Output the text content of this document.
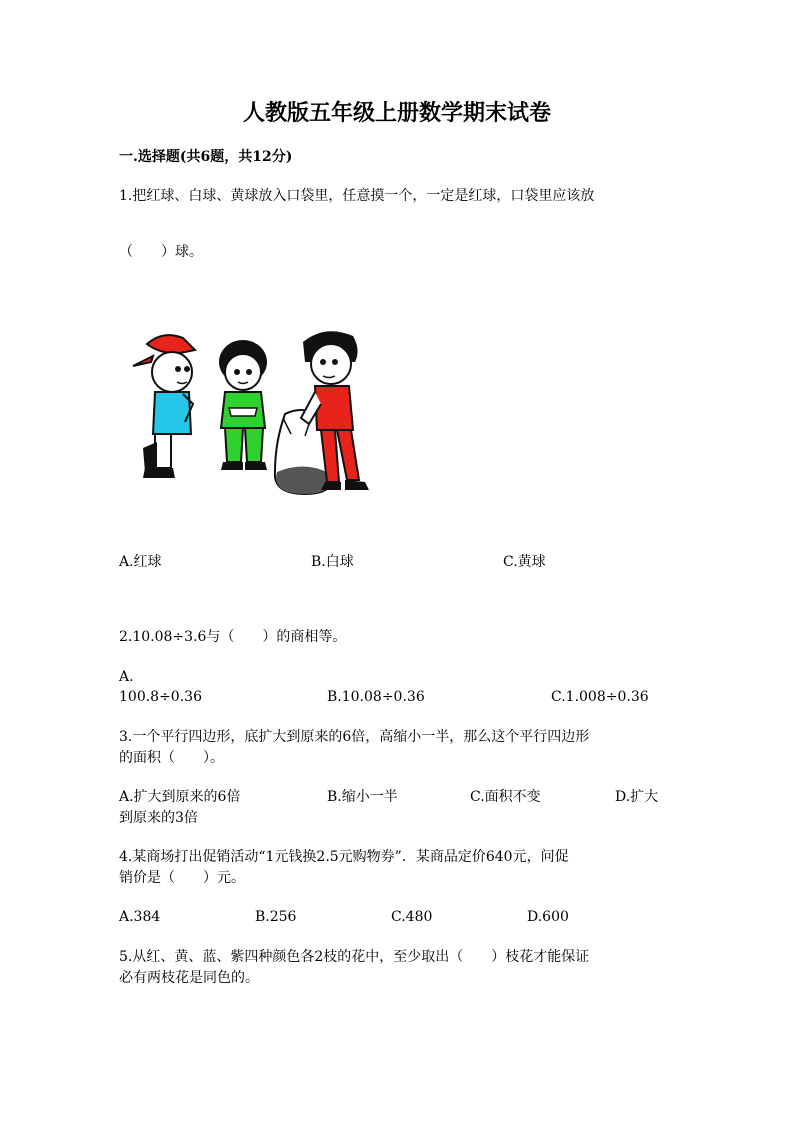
人教版五年级上册数学期末试卷
一.选择题(共6题，共12分)
1.把红球、白球、黄球放入口袋里，任意摸一个，一定是红球，口袋里应该放
（　　）球。
A.红球	B.白球	C.黄球
2.10.08÷3.6与（　　）的商相等。
A.
100.8÷0.36	B.10.08÷0.36	C.1.008÷0.36
3.一个平行四边形，底扩大到原来的6倍，高缩小一半，那么这个平行四边形
的面积（　　）。
A.扩大到原来的6倍	B.缩小一半	C.面积不变	D.扩大
到原来的3倍
4.某商场打出促销活动“1元钱换2.5元购物券”．某商品定价640元，问促
销价是（　　）元。
A.384	B.256	C.480	D.600
5.从红、黄、蓝、紫四种颜色各2枝的花中，至少取出（　　）枝花才能保证
必有两枝花是同色的。
